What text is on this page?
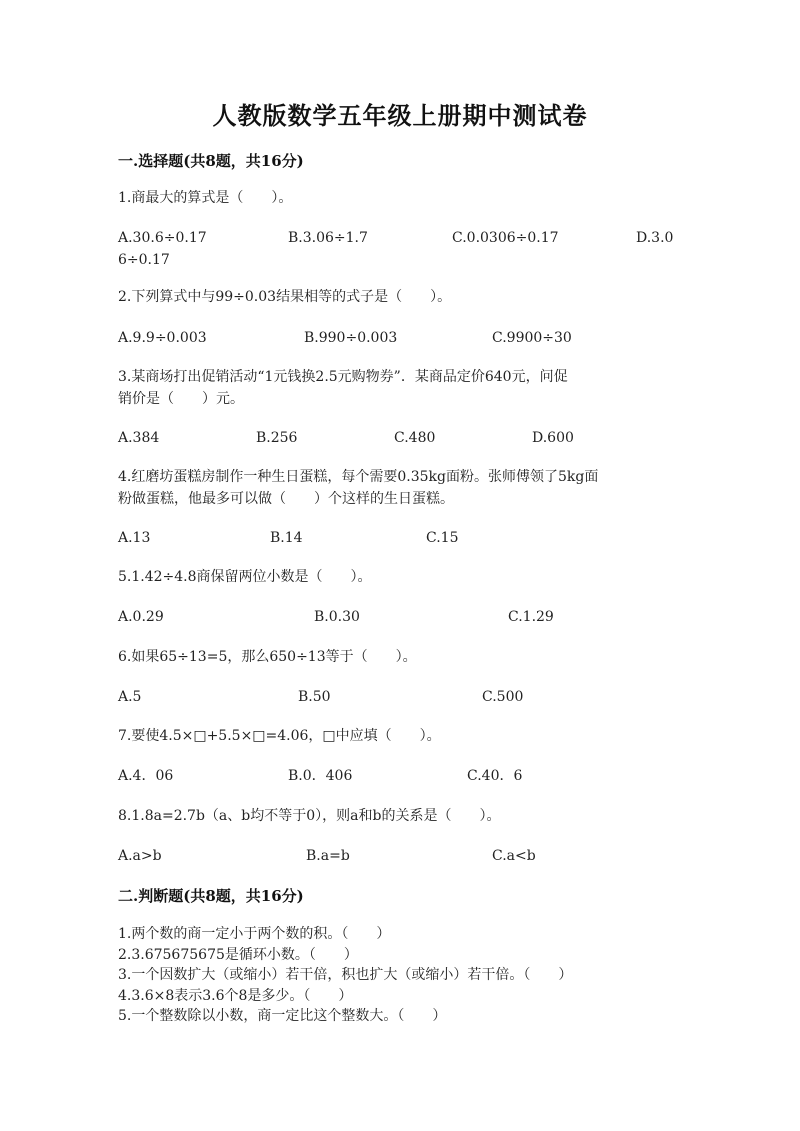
人教版数学五年级上册期中测试卷
一.选择题(共8题，共16分)
1.商最大的算式是（　　）。
A.30.6÷0.17	B.3.06÷1.7	C.0.0306÷0.17	D.3.0
6÷0.17
2.下列算式中与99÷0.03结果相等的式子是（　　）。
A.9.9÷0.003	B.990÷0.003	C.9900÷30
3.某商场打出促销活动“1元钱换2.5元购物券”．某商品定价640元，问促
销价是（　　）元。
A.384	B.256	C.480	D.600
4.红磨坊蛋糕房制作一种生日蛋糕，每个需要0.35kg面粉。张师傅领了5kg面
粉做蛋糕，他最多可以做（　　）个这样的生日蛋糕。
A.13	B.14	C.15
5.1.42÷4.8商保留两位小数是（　　）。
A.0.29	B.0.30	C.1.29
6.如果65÷13=5，那么650÷13等于（　　）。
A.5	B.50	C.500
7.要使4.5×□+5.5×□=4.06，□中应填（　　）。
A.4．06	B.0．406	C.40．6
8.1.8a=2.7b（a、b均不等于0），则a和b的关系是（　　）。
A.a>b	B.a=b	C.a<b
二.判断题(共8题，共16分)
1.两个数的商一定小于两个数的积。（　　）
2.3.675675675是循环小数。（　　）
3.一个因数扩大（或缩小）若干倍，积也扩大（或缩小）若干倍。（　　）
4.3.6×8表示3.6个8是多少。（　　）
5.一个整数除以小数，商一定比这个整数大。（　　）
